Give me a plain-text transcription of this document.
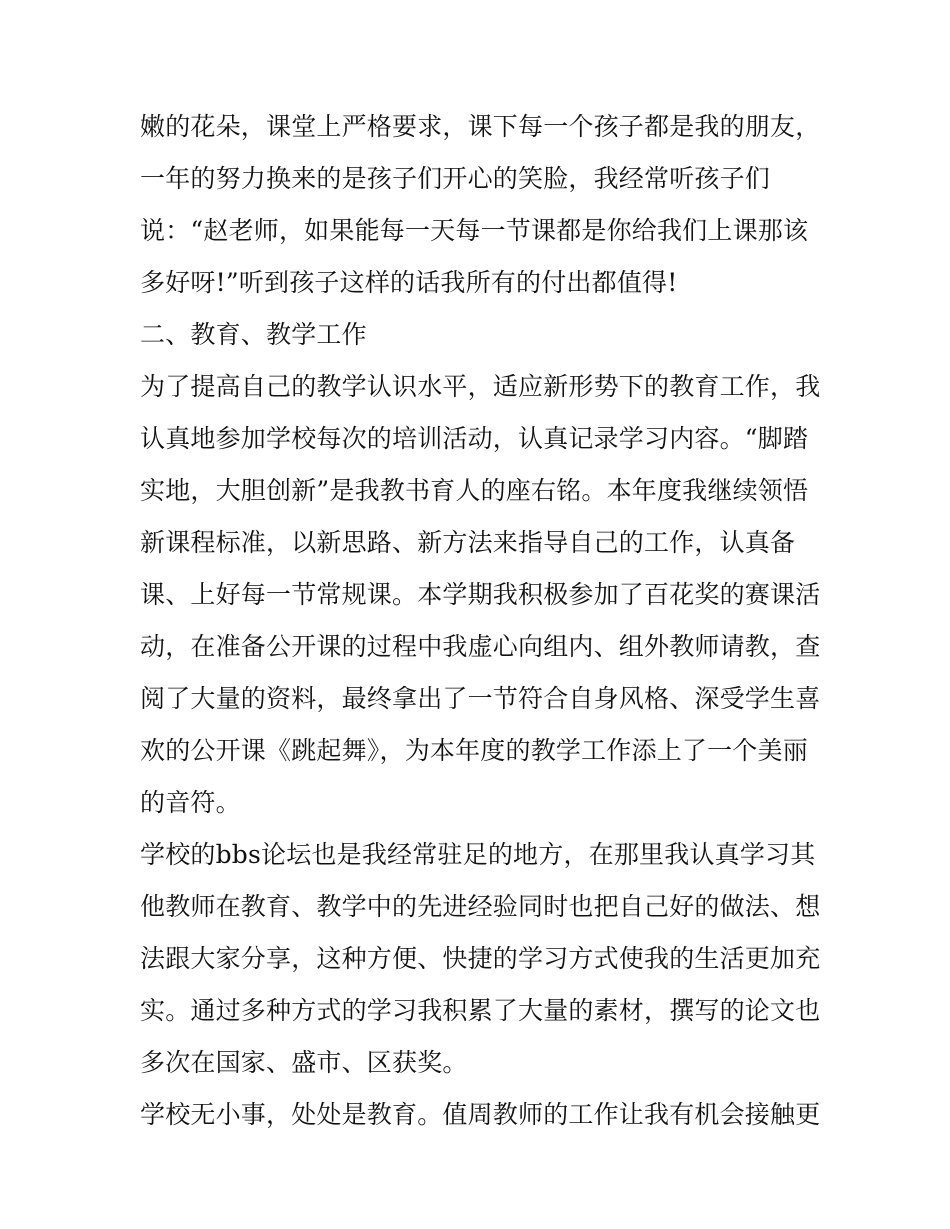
嫩的花朵，课堂上严格要求，课下每一个孩子都是我的朋友，
一年的努力换来的是孩子们开心的笑脸，我经常听孩子们
说：“赵老师，如果能每一天每一节课都是你给我们上课那该
多好呀!”听到孩子这样的话我所有的付出都值得!
二、教育、教学工作
为了提高自己的教学认识水平，适应新形势下的教育工作，我
认真地参加学校每次的培训活动，认真记录学习内容。“脚踏
实地，大胆创新”是我教书育人的座右铭。本年度我继续领悟
新课程标准，以新思路、新方法来指导自己的工作，认真备
课、上好每一节常规课。本学期我积极参加了百花奖的赛课活
动，在准备公开课的过程中我虚心向组内、组外教师请教，查
阅了大量的资料，最终拿出了一节符合自身风格、深受学生喜
欢的公开课《跳起舞》，为本年度的教学工作添上了一个美丽
的音符。
学校的bbs论坛也是我经常驻足的地方，在那里我认真学习其
他教师在教育、教学中的先进经验同时也把自己好的做法、想
法跟大家分享，这种方便、快捷的学习方式使我的生活更加充
实。通过多种方式的学习我积累了大量的素材，撰写的论文也
多次在国家、盛市、区获奖。
学校无小事，处处是教育。值周教师的工作让我有机会接触更
